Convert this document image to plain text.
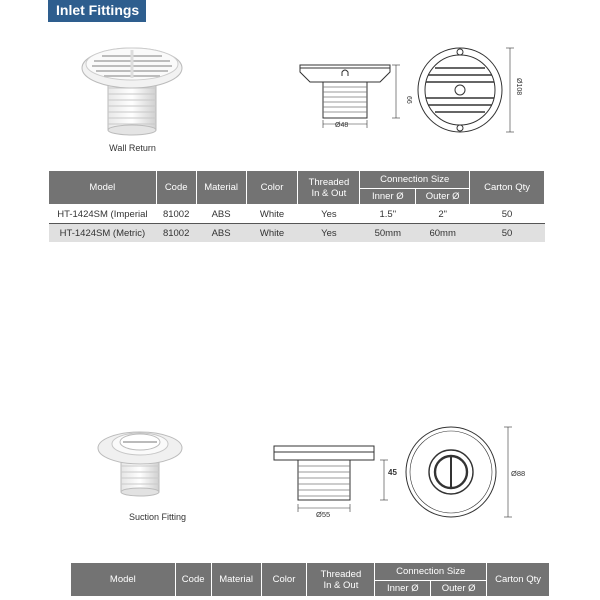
Inlet Fittings
Wall Return
Ø48
66
Ø108
Model	Code	Material	Color	Threaded
In & Out	Connection Size		Carton Qty
					Inner Ø	Outer Ø	
HT-1424SM (Imperial	81002	ABS	White	Yes	1.5"	2"	50
HT-1424SM (Metric)	81002	ABS	White	Yes	50mm	60mm	50
Suction Fitting	Ø55
45	Ø88
Model	Code	Material	Color	Threaded
In & Out	Connection Size		Carton Qty
					Inner Ø	Outer Ø	
